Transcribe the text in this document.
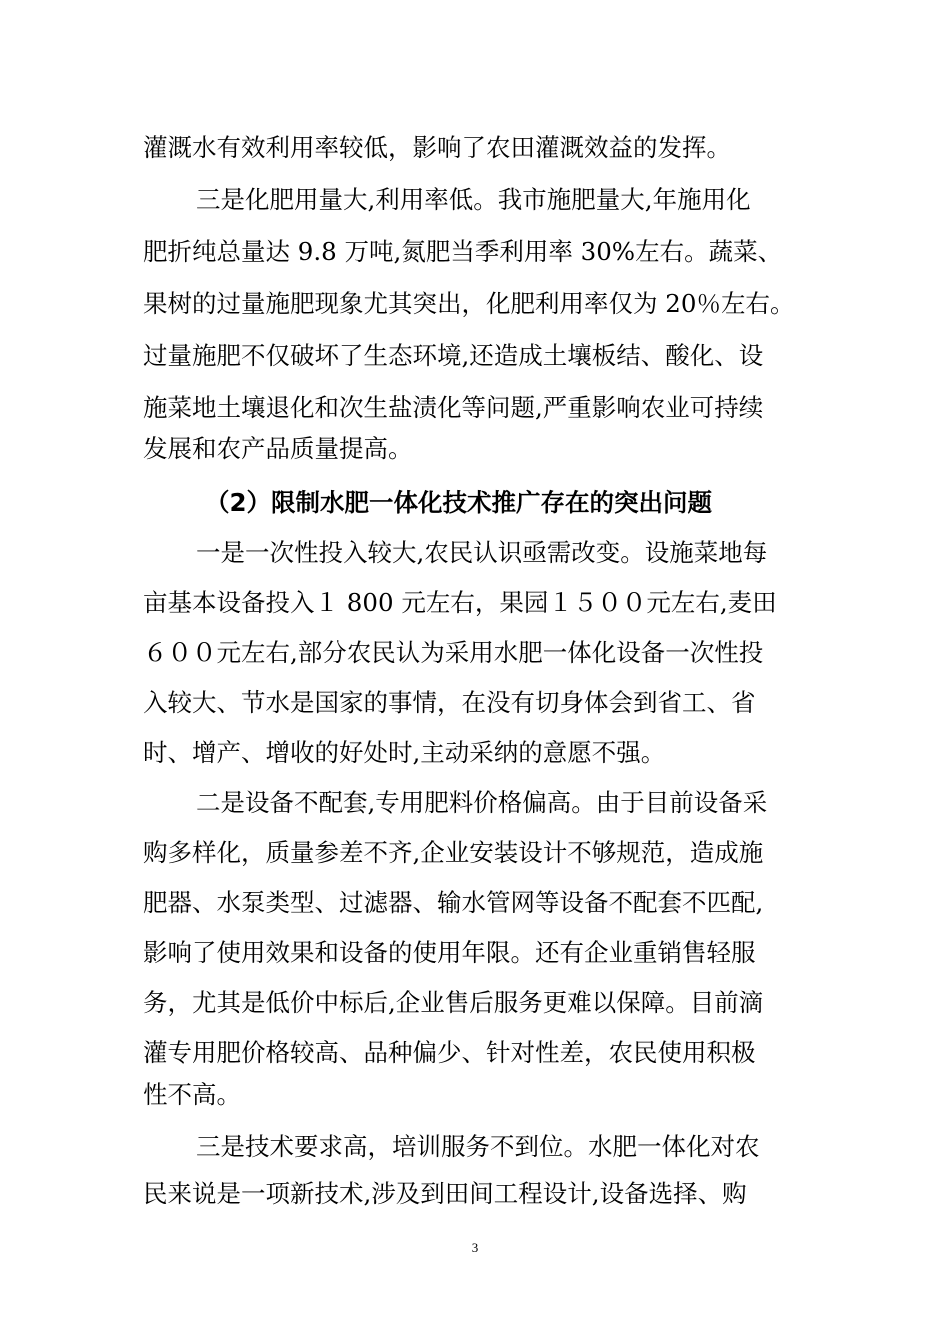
灌溉水有效利用率较低，影响了农田灌溉效益的发挥。
三是化肥用量大,利用率低。我市施肥量大,年施用化
肥折纯总量达 9.8 万吨,氮肥当季利用率 30%左右。蔬菜、
果树的过量施肥现象尤其突出，化肥利用率仅为 20％左右。
过量施肥不仅破坏了生态环境,还造成土壤板结、酸化、设
施菜地土壤退化和次生盐渍化等问题,严重影响农业可持续
发展和农产品质量提高。
（2）限制水肥一体化技术推广存在的突出问题
一是一次性投入较大,农民认识亟需改变。设施菜地每
亩基本设备投入１ 800 元左右，果园１５００元左右,麦田
６００元左右,部分农民认为采用水肥一体化设备一次性投
入较大、节水是国家的事情，在没有切身体会到省工、省
时、增产、增收的好处时,主动采纳的意愿不强。
二是设备不配套,专用肥料价格偏高。由于目前设备采
购多样化，质量参差不齐,企业安装设计不够规范，造成施
肥器、水泵类型、过滤器、输水管网等设备不配套不匹配,
影响了使用效果和设备的使用年限。还有企业重销售轻服
务，尤其是低价中标后,企业售后服务更难以保障。目前滴
灌专用肥价格较高、品种偏少、针对性差，农民使用积极
性不高。
三是技术要求高，培训服务不到位。水肥一体化对农
民来说是一项新技术,涉及到田间工程设计,设备选择、购
3
